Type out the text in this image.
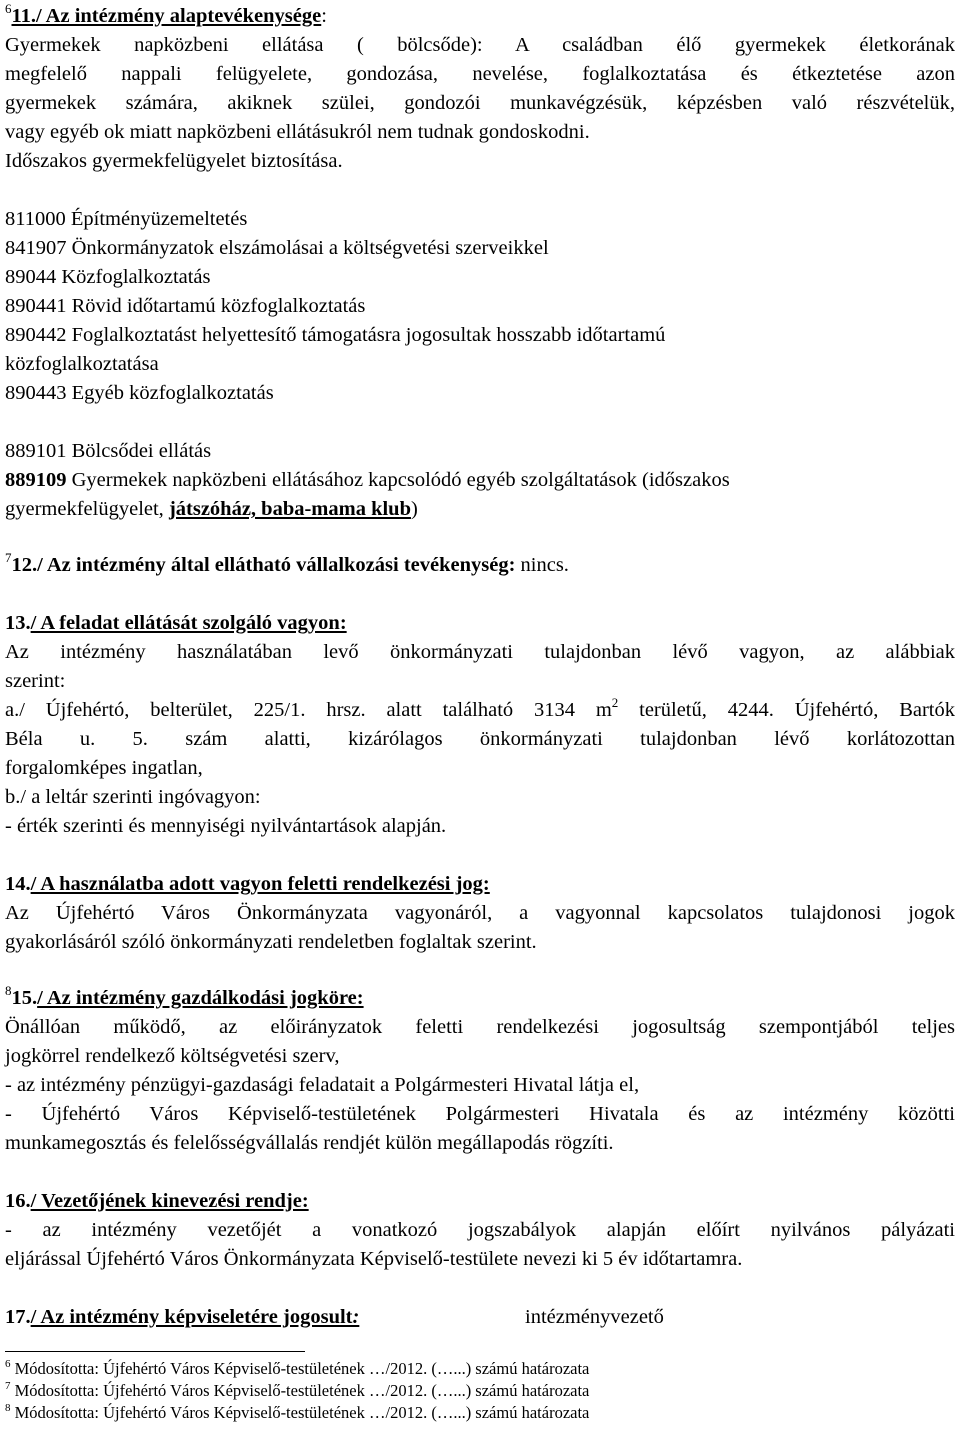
$^6$11./ Az intézmény alaptevékenysége:

Gyermekek napközbeni ellátása ( bölcsőde): A családban élő gyermekek életkorának

megfelelő nappali felügyelete, gondozása, nevelése, foglalkoztatása és étkeztetése azon

gyermekek számára, akiknek szülei, gondozói munkavégzésük, képzésben való részvételük,

vagy egyéb ok miatt napközbeni ellátásukról nem tudnak gondoskodni.

Időszakos gyermekfelügyelet biztosítása.

811000 Építményüzemeltetés

841907 Önkormányzatok elszámolásai a költségvetési szerveikkel

89044 Közfoglalkoztatás

890441 Rövid időtartamú közfoglalkoztatás

890442 Foglalkoztatást helyettesítő támogatásra jogosultak hosszabb időtartamú

közfoglalkoztatása

890443 Egyéb közfoglalkoztatás

889101 Bölcsődei ellátás

889109 Gyermekek napközbeni ellátásához kapcsolódó egyéb szolgáltatások (időszakos

gyermekfelügyelet, játszóház, baba-mama klub)

$^7$12./ Az intézmény által ellátható vállalkozási tevékenység: nincs.

13./ A feladat ellátását szolgáló vagyon:

Az intézmény használatában levő önkormányzati tulajdonban lévő vagyon, az alábbiak

szerint:

a./ Újfehértó, belterület, 225/1. hrsz. alatt található 3134 $m^2$ területű, 4244. Újfehértó, Bartók

Béla u. 5. szám alatti, kizárólagos önkormányzati tulajdonban lévő korlátozottan

forgalomképes ingatlan,

b./ a leltár szerinti ingóvagyon:

- érték szerinti és mennyiségi nyilvántartások alapján.

14./ A használatba adott vagyon feletti rendelkezési jog:

Az Újfehértó Város Önkormányzata vagyonáról, a vagyonnal kapcsolatos tulajdonosi jogok

gyakorlásáról szóló önkormányzati rendeletben foglaltak szerint.

$^8$15./ Az intézmény gazdálkodási jogköre:

Önállóan működő, az előirányzatok feletti rendelkezési jogosultság szempontjából teljes

jogkörrel rendelkező költségvetési szerv,

- az intézmény pénzügyi-gazdasági feladatait a Polgármesteri Hivatal látja el,

- Újfehértó Város Képviselő-testületének Polgármesteri Hivatala és az intézmény közötti

munkamegosztás és felelősségvállalás rendjét külön megállapodás rögzíti.

16./ Vezetőjének kinevezési rendje:

- az intézmény vezetőjét a vonatkozó jogszabályok alapján előírt nyilvános pályázati

eljárással Újfehértó Város Önkormányzata Képviselő-testülete nevezi ki 5 év időtartamra.

17./ Az intézmény képviseletére jogosult:	intézményvezető

$^6$ Módosította: Újfehértó Város Képviselő-testületének …/2012. (…...) számú határozata

$^7$ Módosította: Újfehértó Város Képviselő-testületének …/2012. (…...) számú határozata

$^8$ Módosította: Újfehértó Város Képviselő-testületének …/2012. (…...) számú határozata
